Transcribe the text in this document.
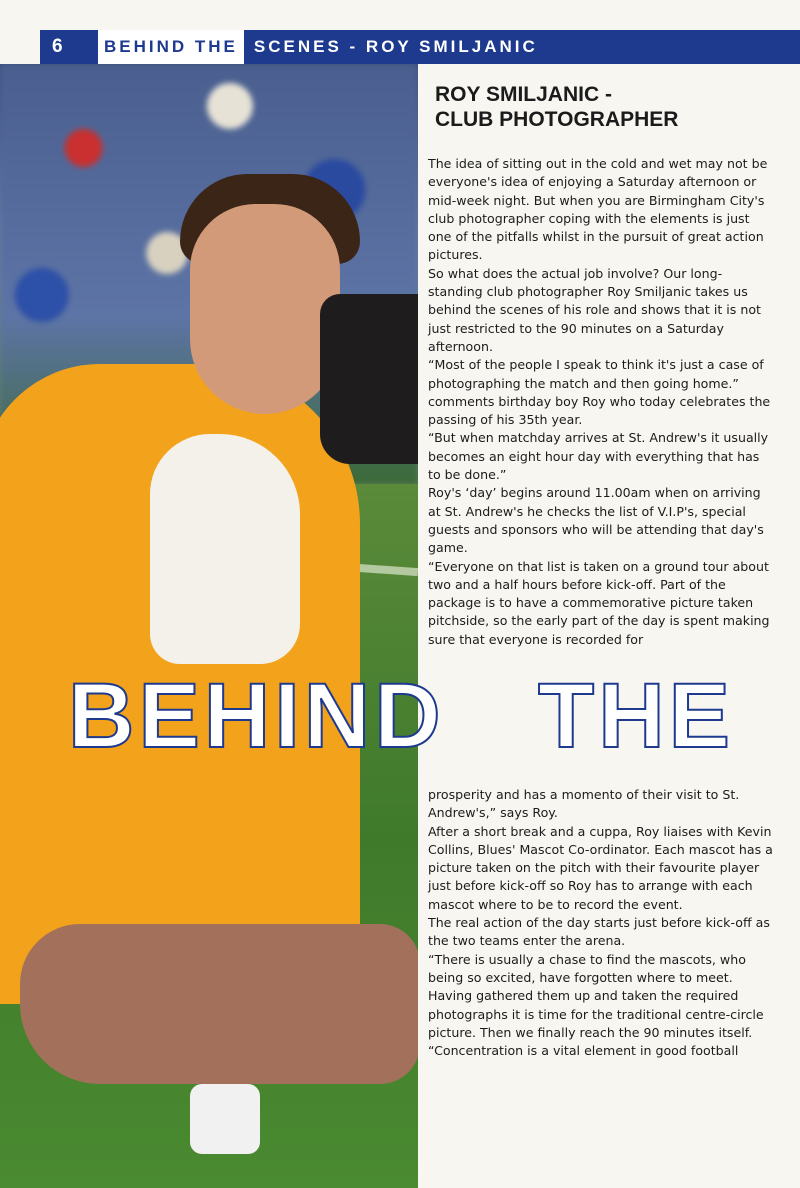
6	BEHIND THE SCENES - ROY SMILJANIC
ROY SMILJANIC -
CLUB PHOTOGRAPHER

The idea of sitting out in the cold and wet may not be everyone's idea of enjoying a Saturday afternoon or mid-week night. But when you are Birmingham City's club photographer coping with the elements is just one of the pitfalls whilst in the pursuit of great action pictures.

So what does the actual job involve? Our long-standing club photographer Roy Smiljanic takes us behind the scenes of his role and shows that it is not just restricted to the 90 minutes on a Saturday afternoon.

“Most of the people I speak to think it's just a case of photographing the match and then going home.” comments birthday boy Roy who today celebrates the passing of his 35th year.

“But when matchday arrives at St. Andrew's it usually becomes an eight hour day with everything that has to be done.”

Roy's ‘day’ begins around 11.00am when on arriving at St. Andrew's he checks the list of V.I.P's, special guests and sponsors who will be attending that day's game.

“Everyone on that list is taken on a ground tour about two and a half hours before kick-off. Part of the package is to have a commemorative picture taken pitchside, so the early part of the day is spent making sure that everyone is recorded for

BEHIND THE

prosperity and has a momento of their visit to St. Andrew's,” says Roy.

After a short break and a cuppa, Roy liaises with Kevin Collins, Blues' Mascot Co-ordinator. Each mascot has a picture taken on the pitch with their favourite player just before kick-off so Roy has to arrange with each mascot where to be to record the event.

The real action of the day starts just before kick-off as the two teams enter the arena.

“There is usually a chase to find the mascots, who being so excited, have forgotten where to meet. Having gathered them up and taken the required photographs it is time for the traditional centre-circle picture. Then we finally reach the 90 minutes itself.

“Concentration is a vital element in good football
